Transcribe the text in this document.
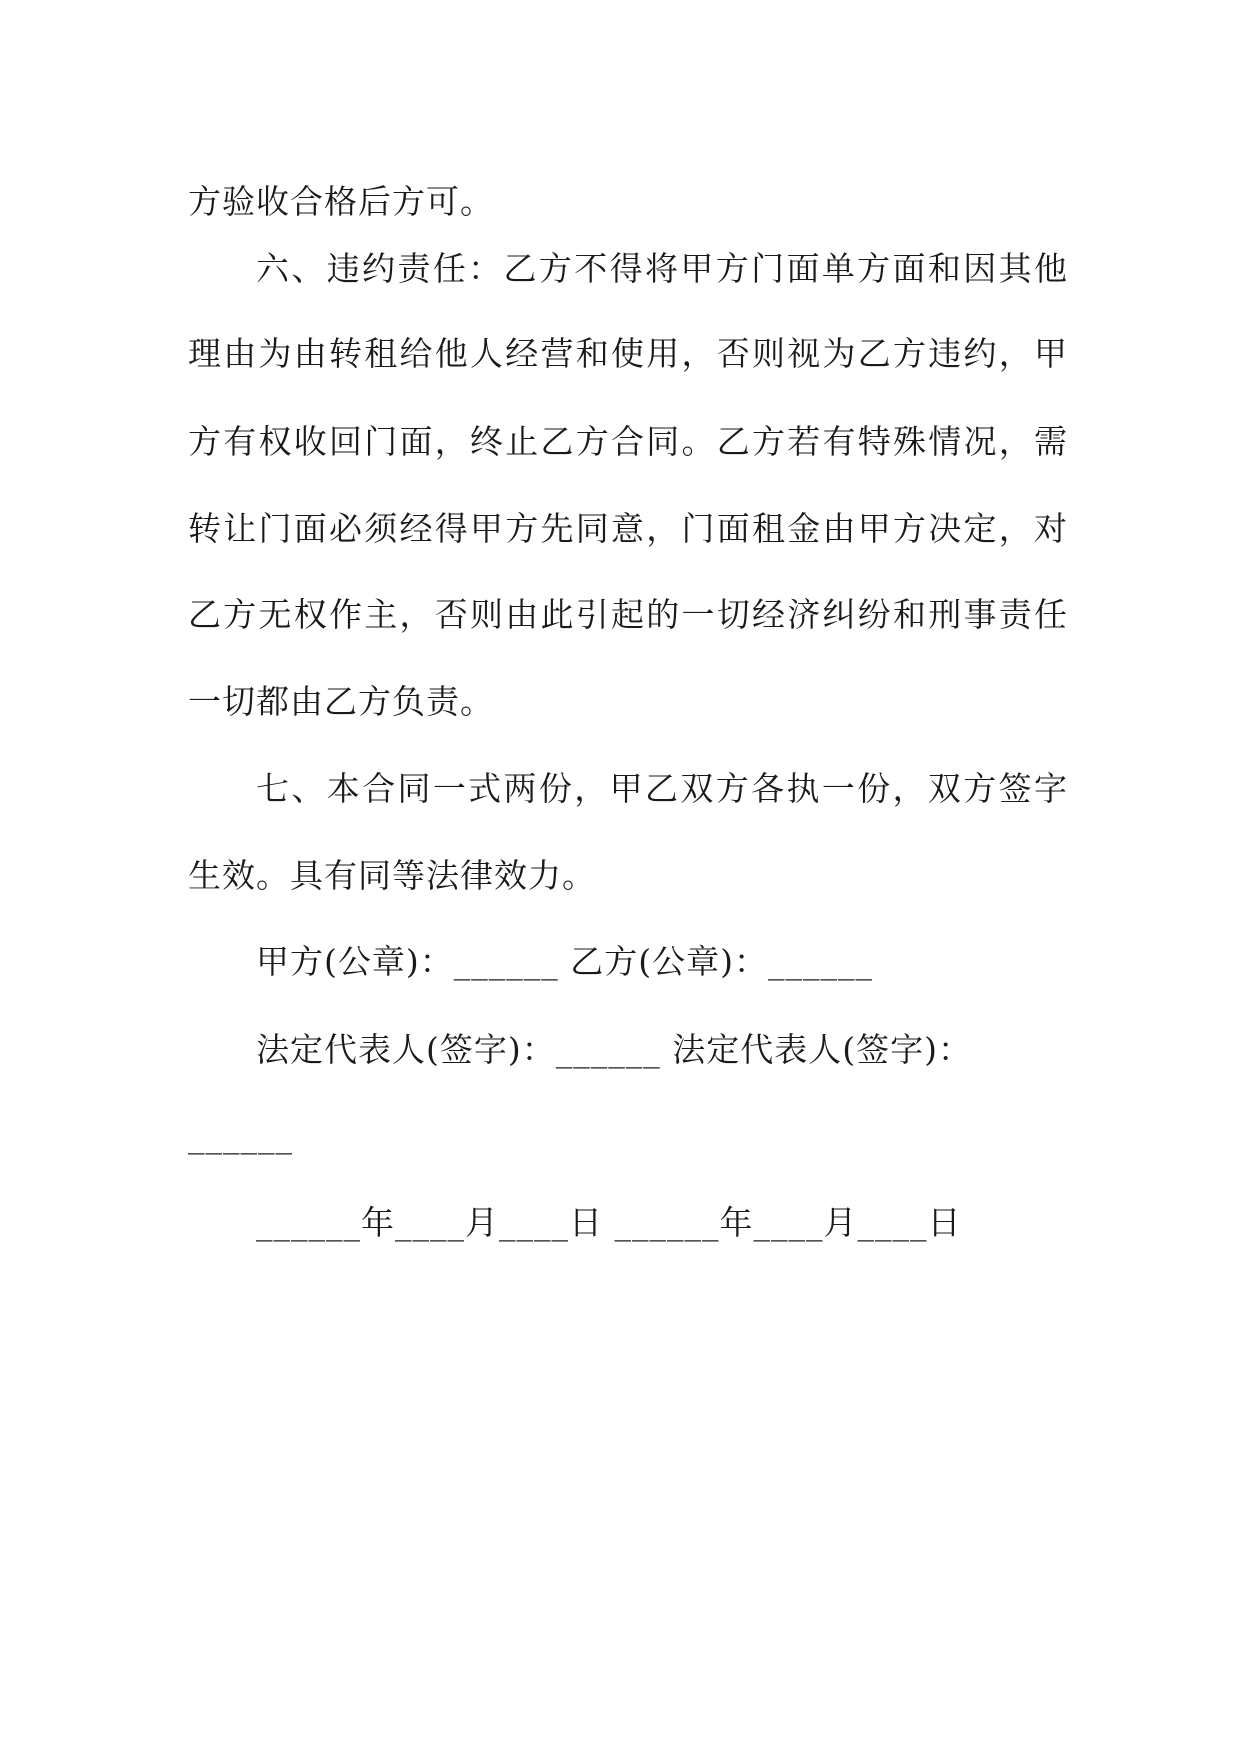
方验收合格后方可。
六、违约责任：乙方不得将甲方门面单方面和因其他
理由为由转租给他人经营和使用，否则视为乙方违约，甲
方有权收回门面，终止乙方合同。乙方若有特殊情况，需
转让门面必须经得甲方先同意，门面租金由甲方决定，对
乙方无权作主，否则由此引起的一切经济纠纷和刑事责任
一切都由乙方负责。
七、本合同一式两份，甲乙双方各执一份，双方签字
生效。具有同等法律效力。
甲方(公章)：______ 乙方(公章)：______
法定代表人(签字)：______ 法定代表人(签字)：
______
______年____月____日 ______年____月____日
